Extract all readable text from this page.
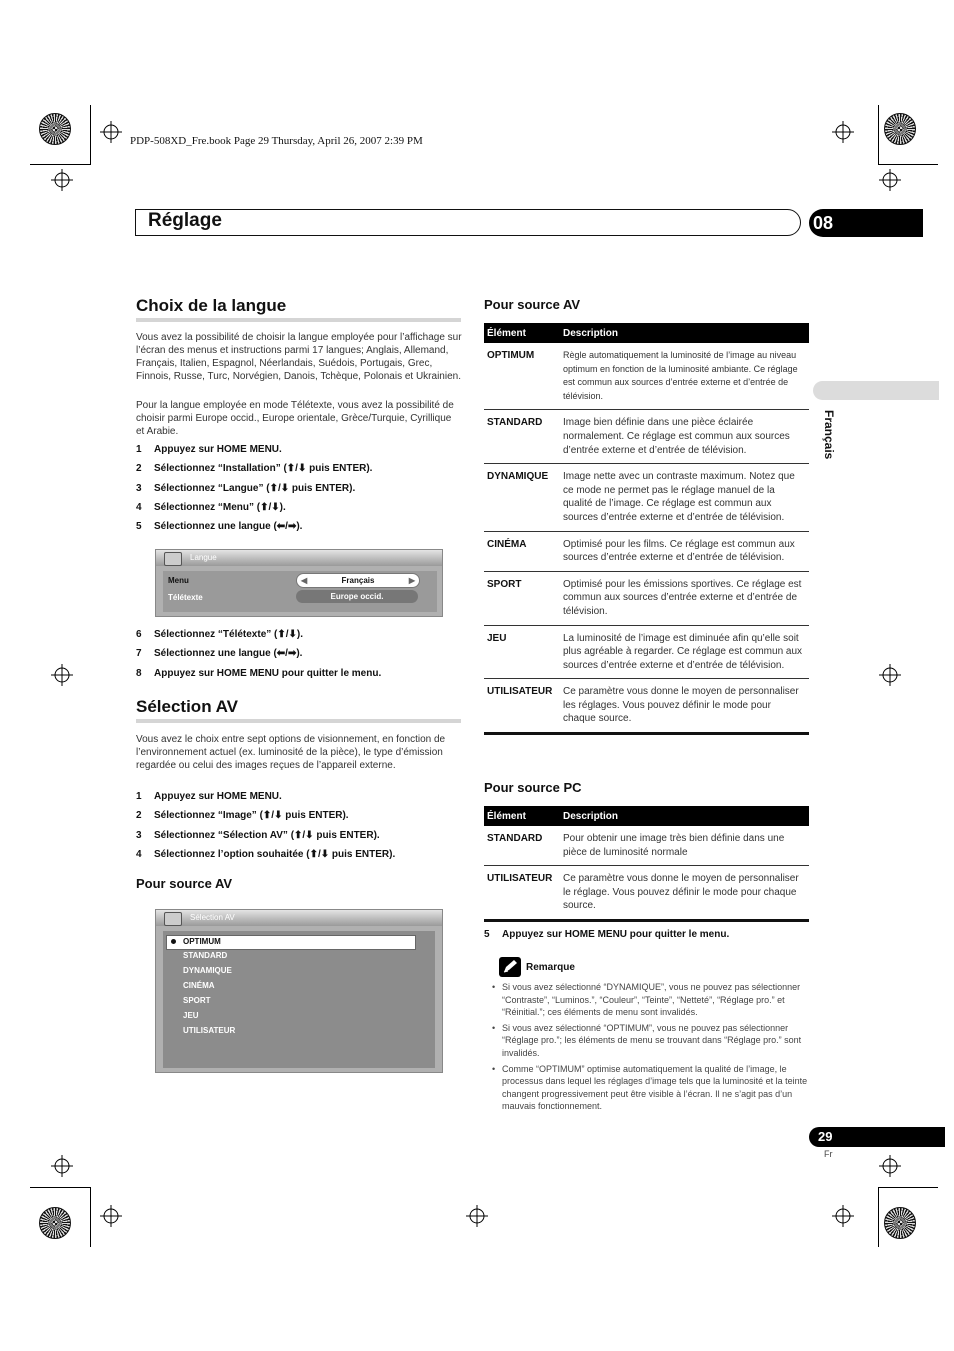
PDP-508XD_Fre.book Page 29 Thursday, April 26, 2007 2:39 PM
Réglage	08
Français
Choix de la langue

Vous avez la possibilité de choisir la langue employée pour l’affichage sur l’écran des menus et instructions parmi 17 langues; Anglais, Allemand, Français, Italien, Espagnol, Néerlandais, Suédois, Portugais, Grec, Finnois, Russe, Turc, Norvégien, Danois, Tchèque, Polonais et Ukrainien.

Pour la langue employée en mode Télétexte, vous avez la possibilité de choisir parmi Europe occid., Europe orientale, Grèce/Turquie, Cyrillique et Arabie.

1 Appuyez sur HOME MENU.
2 Sélectionnez “Installation” (⬆/⬇ puis ENTER).
3 Sélectionnez “Langue” (⬆/⬇ puis ENTER).
4 Sélectionnez “Menu” (⬆/⬇).
5 Sélectionnez une langue (⬅/➡).
Langue
Menu	◀	Français	▶
Télétexte	Europe occid.
6 Sélectionnez “Télétexte” (⬆/⬇).
7 Sélectionnez une langue (⬅/➡).
8 Appuyez sur HOME MENU pour quitter le menu.
Sélection AV

Vous avez le choix entre sept options de visionnement, en fonction de l’environnement actuel (ex. luminosité de la pièce), le type d’émission regardée ou celui des images reçues de l’appareil externe.

1 Appuyez sur HOME MENU.
2 Sélectionnez “Image” (⬆/⬇ puis ENTER).
3 Sélectionnez “Sélection AV” (⬆/⬇ puis ENTER).
4 Sélectionnez l’option souhaitée (⬆/⬇ puis ENTER).
Pour source AV
Sélection AV
OPTIMUM
STANDARD
DYNAMIQUE
CINÉMA
SPORT
JEU
UTILISATEUR
Pour source AV
Élément	Description
OPTIMUM	Règle automatiquement la luminosité de l’image au niveau optimum en fonction de la luminosité ambiante. Ce réglage est commun aux sources d’entrée externe et d’entrée de télévision.
STANDARD	Image bien définie dans une pièce éclairée normalement. Ce réglage est commun aux sources d’entrée externe et d’entrée de télévision.
DYNAMIQUE	Image nette avec un contraste maximum. Notez que ce mode ne permet pas le réglage manuel de la qualité de l’image. Ce réglage est commun aux sources d’entrée externe et d’entrée de télévision.
CINÉMA	Optimisé pour les films. Ce réglage est commun aux sources d’entrée externe et d’entrée de télévision.
SPORT	Optimisé pour les émissions sportives. Ce réglage est commun aux sources d’entrée externe et d’entrée de télévision.
JEU	La luminosité de l’image est diminuée afin qu’elle soit plus agréable à regarder. Ce réglage est commun aux sources d’entrée externe et d’entrée de télévision.
UTILISATEUR	Ce paramètre vous donne le moyen de personnaliser les réglages. Vous pouvez définir le mode pour chaque source.
Pour source PC
Élément	Description
STANDARD	Pour obtenir une image très bien définie dans une pièce de luminosité normale
UTILISATEUR	Ce paramètre vous donne le moyen de personnaliser le réglage. Vous pouvez définir le mode pour chaque source.
5 Appuyez sur HOME MENU pour quitter le menu.
Remarque
• Si vous avez sélectionné “DYNAMIQUE”, vous ne pouvez pas sélectionner “Contraste”, “Luminos.”, “Couleur”, “Teinte”, “Netteté”, “Réglage pro.” et “Réinitial.”; ces éléments de menu sont invalidés.
• Si vous avez sélectionné “OPTIMUM”, vous ne pouvez pas sélectionner “Réglage pro.”; les éléments de menu se trouvant dans “Réglage pro.” sont invalidés.
• Comme “OPTIMUM” optimise automatiquement la qualité de l’image, le processus dans lequel les réglages d’image tels que la luminosité et la teinte changent progressivement peut être visible à l’écran. Il ne s’agit pas d’un mauvais fonctionnement.
29
Fr
